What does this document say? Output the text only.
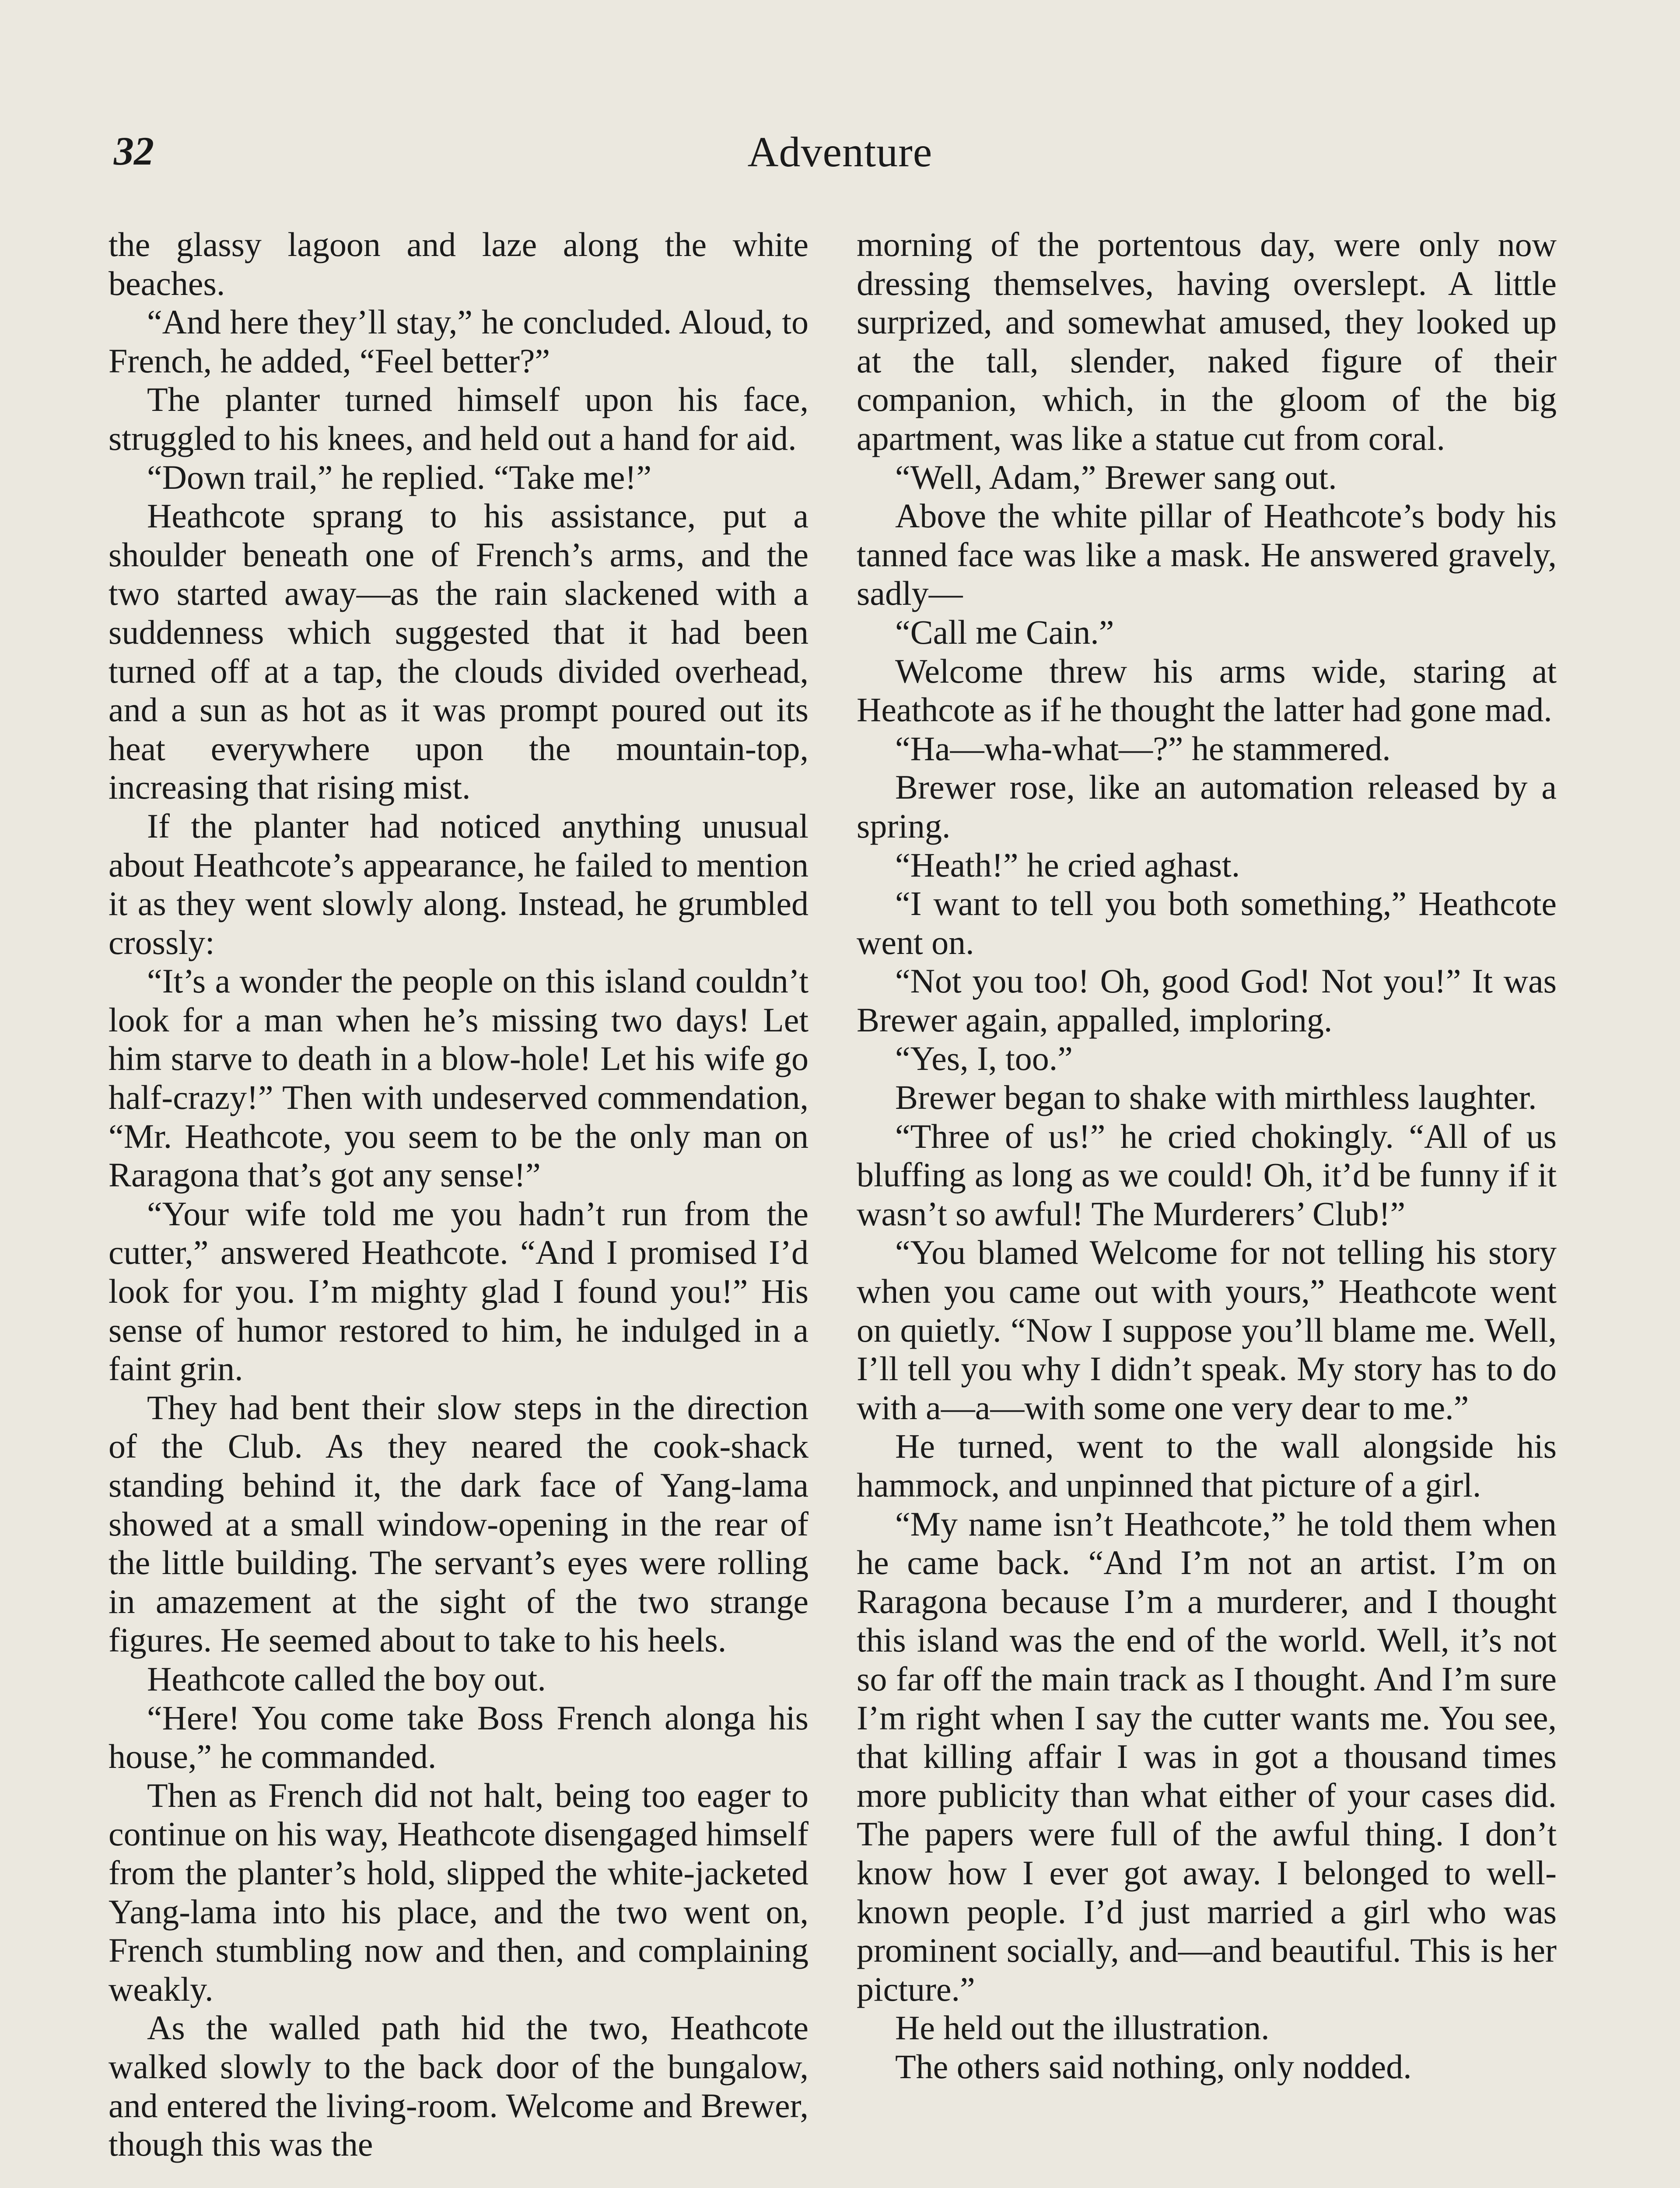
32	Adventure

the glassy lagoon and laze along the white beaches.

“And here they’ll stay,” he concluded. Aloud, to French, he added, “Feel better?”

The planter turned himself upon his face, struggled to his knees, and held out a hand for aid.

“Down trail,” he replied. “Take me!”

Heathcote sprang to his assistance, put a shoulder beneath one of French’s arms, and the two started away—as the rain slackened with a suddenness which suggested that it had been turned off at a tap, the clouds divided overhead, and a sun as hot as it was prompt poured out its heat everywhere upon the mountain-top, increasing that rising mist.

If the planter had noticed anything unusual about Heathcote’s appearance, he failed to mention it as they went slowly along. Instead, he grumbled crossly:

“It’s a wonder the people on this island couldn’t look for a man when he’s missing two days! Let him starve to death in a blow-hole! Let his wife go half-crazy!” Then with undeserved commendation, “Mr. Heathcote, you seem to be the only man on Raragona that’s got any sense!”

“Your wife told me you hadn’t run from the cutter,” answered Heathcote. “And I promised I’d look for you. I’m mighty glad I found you!” His sense of humor restored to him, he indulged in a faint grin.

They had bent their slow steps in the direction of the Club. As they neared the cook-shack standing behind it, the dark face of Yang-lama showed at a small window-opening in the rear of the little building. The servant’s eyes were rolling in amazement at the sight of the two strange figures. He seemed about to take to his heels.

Heathcote called the boy out.

“Here! You come take Boss French alonga his house,” he commanded.

Then as French did not halt, being too eager to continue on his way, Heathcote disengaged himself from the planter’s hold, slipped the white-jacketed Yang-lama into his place, and the two went on, French stumbling now and then, and complaining weakly.

As the walled path hid the two, Heathcote walked slowly to the back door of the bungalow, and entered the living-room. Welcome and Brewer, though this was the

morning of the portentous day, were only now dressing themselves, having overslept. A little surprized, and somewhat amused, they looked up at the tall, slender, naked figure of their companion, which, in the gloom of the big apartment, was like a statue cut from coral.

“Well, Adam,” Brewer sang out.

Above the white pillar of Heathcote’s body his tanned face was like a mask. He answered gravely, sadly—

“Call me Cain.”

Welcome threw his arms wide, staring at Heathcote as if he thought the latter had gone mad.

“Ha—wha-what—?” he stammered.

Brewer rose, like an automation released by a spring.

“Heath!” he cried aghast.

“I want to tell you both something,” Heathcote went on.

“Not you too! Oh, good God! Not you!” It was Brewer again, appalled, imploring.

“Yes, I, too.”

Brewer began to shake with mirthless laughter.

“Three of us!” he cried chokingly. “All of us bluffing as long as we could! Oh, it’d be funny if it wasn’t so awful! The Murderers’ Club!”

“You blamed Welcome for not telling his story when you came out with yours,” Heathcote went on quietly. “Now I suppose you’ll blame me. Well, I’ll tell you why I didn’t speak. My story has to do with a—a—with some one very dear to me.”

He turned, went to the wall alongside his hammock, and unpinned that picture of a girl.

“My name isn’t Heathcote,” he told them when he came back. “And I’m not an artist. I’m on Raragona because I’m a murderer, and I thought this island was the end of the world. Well, it’s not so far off the main track as I thought. And I’m sure I’m right when I say the cutter wants me. You see, that killing affair I was in got a thousand times more publicity than what either of your cases did. The papers were full of the awful thing. I don’t know how I ever got away. I belonged to well-known people. I’d just married a girl who was prominent socially, and—and beautiful. This is her picture.”

He held out the illustration.

The others said nothing, only nodded.
